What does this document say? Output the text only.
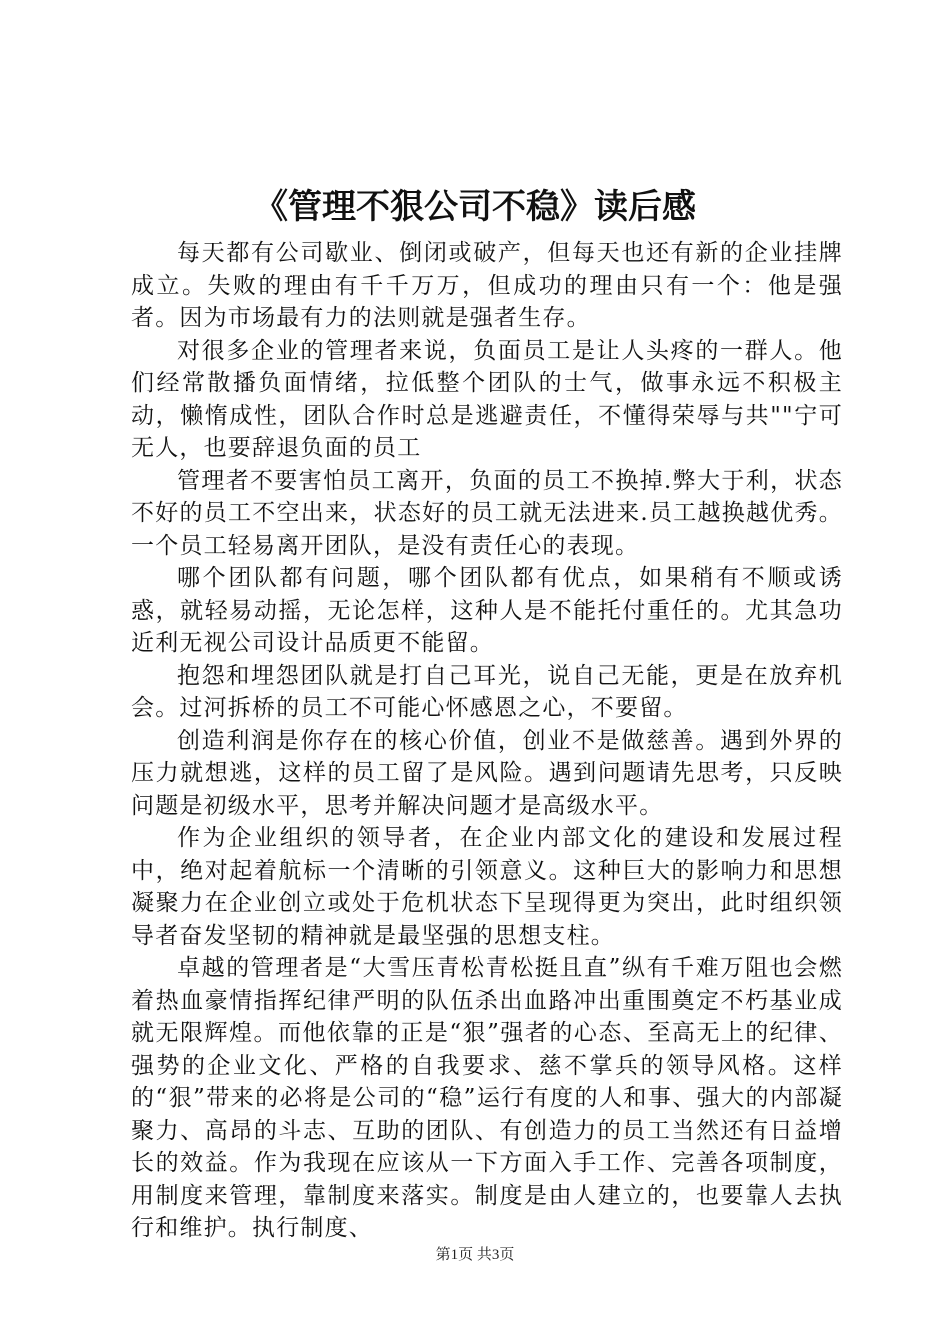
《管理不狠公司不稳》读后感

每天都有公司歇业、倒闭或破产，但每天也还有新的企业挂牌成立。失败的理由有千千万万，但成功的理由只有一个：他是强者。因为市场最有力的法则就是强者生存。

对很多企业的管理者来说，负面员工是让人头疼的一群人。他们经常散播负面情绪，拉低整个团队的士气，做事永远不积极主动，懒惰成性，团队合作时总是逃避责任，不懂得荣辱与共""宁可无人，也要辞退负面的员工

管理者不要害怕员工离开，负面的员工不换掉.弊大于利，状态不好的员工不空出来，状态好的员工就无法进来.员工越换越优秀。一个员工轻易离开团队，是没有责任心的表现。

哪个团队都有问题，哪个团队都有优点，如果稍有不顺或诱惑，就轻易动摇，无论怎样，这种人是不能托付重任的。尤其急功近利无视公司设计品质更不能留。

抱怨和埋怨团队就是打自己耳光，说自己无能，更是在放弃机会。过河拆桥的员工不可能心怀感恩之心，不要留。

创造利润是你存在的核心价值，创业不是做慈善。遇到外界的压力就想逃，这样的员工留了是风险。遇到问题请先思考，只反映问题是初级水平，思考并解决问题才是高级水平。

作为企业组织的领导者，在企业内部文化的建设和发展过程中，绝对起着航标一个清晰的引领意义。这种巨大的影响力和思想凝聚力在企业创立或处于危机状态下呈现得更为突出，此时组织领导者奋发坚韧的精神就是最坚强的思想支柱。

卓越的管理者是“大雪压青松青松挺且直”纵有千难万阻也会燃着热血豪情指挥纪律严明的队伍杀出血路冲出重围奠定不朽基业成就无限辉煌。而他依靠的正是“狠”强者的心态、至高无上的纪律、强势的企业文化、严格的自我要求、慈不掌兵的领导风格。这样的“狠”带来的必将是公司的“稳”运行有度的人和事、强大的内部凝聚力、高昂的斗志、互助的团队、有创造力的员工当然还有日益增长的效益。作为我现在应该从一下方面入手工作、完善各项制度，用制度来管理，靠制度来落实。制度是由人建立的，也要靠人去执行和维护。执行制度、

第1页 共3页
